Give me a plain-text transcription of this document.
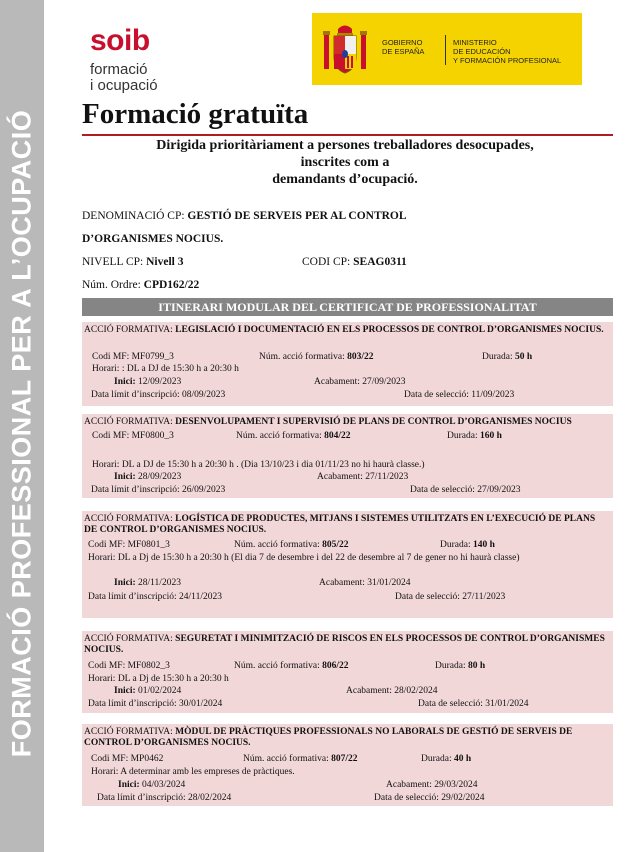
FORMACIÓ PROFESSIONAL PER A L’OCUPACIÓ
soib
formació
i ocupació
GOBIERNO
DE ESPAÑA
MINISTERIO
DE EDUCACIÓN
Y FORMACIÓN PROFESIONAL
Formació gratuïta
Dirigida prioritàriament a persones treballadores desocupades,
inscrites com a
demandants d’ocupació.
DENOMINACIÓ CP: GESTIÓ DE SERVEIS PER AL CONTROL
D’ORGANISMES NOCIUS.
NIVELL CP: Nivell 3	CODI CP: SEAG0311
Núm. Ordre: CPD162/22
ITINERARI MODULAR DEL CERTIFICAT DE PROFESSIONALITAT
ACCIÓ FORMATIVA: LEGISLACIÓ I DOCUMENTACIÓ EN ELS PROCESSOS DE CONTROL D’ORGANISMES NOCIUS.
Codi MF: MF0799_3	Núm. acció formativa: 803/22	Durada: 50 h
Horari: : DL a DJ de 15:30 h a 20:30 h
Inici: 12/09/2023	Acabament: 27/09/2023
Data límit d’inscripció: 08/09/2023	Data de selecció: 11/09/2023
ACCIÓ FORMATIVA: DESENVOLUPAMENT I SUPERVISIÓ DE PLANS DE CONTROL D’ORGANISMES NOCIUS
Codi MF: MF0800_3	Núm. acció formativa: 804/22	Durada: 160 h
Horari: DL a DJ de 15:30 h a 20:30 h . (Dia 13/10/23 i dia 01/11/23 no hi haurà classe.)
Inici: 28/09/2023	Acabament: 27/11/2023
Data límit d’inscripció: 26/09/2023	Data de selecció: 27/09/2023
ACCIÓ FORMATIVA: LOGÍSTICA DE PRODUCTES, MITJANS I SISTEMES UTILITZATS EN L’EXECUCIÓ DE PLANS DE CONTROL D’ORGANISMES NOCIUS.
Codi MF: MF0801_3	Núm. acció formativa: 805/22	Durada: 140 h
Horari: DL a Dj de 15:30 h a 20:30 h (El dia 7 de desembre i del 22 de desembre al 7 de gener no hi haurà classe)
Inici: 28/11/2023	Acabament: 31/01/2024
Data límit d’inscripció: 24/11/2023	Data de selecció: 27/11/2023
ACCIÓ FORMATIVA: SEGURETAT I MINIMITZACIÓ DE RISCOS EN ELS PROCESSOS DE CONTROL D’ORGANISMES NOCIUS.
Codi MF: MF0802_3	Núm. acció formativa: 806/22	Durada: 80 h
Horari: DL a Dj de 15:30 h a 20:30 h
Inici: 01/02/2024	Acabament: 28/02/2024
Data límit d’inscripció: 30/01/2024	Data de selecció: 31/01/2024
ACCIÓ FORMATIVA: MÒDUL DE PRÀCTIQUES PROFESSIONALS NO LABORALS DE GESTIÓ DE SERVEIS DE CONTROL D’ORGANISMES NOCIUS.
Codi MF: MP0462	Núm. acció formativa: 807/22	Durada: 40 h
Horari: A determinar amb les empreses de pràctiques.
Inici: 04/03/2024	Acabament: 29/03/2024
Data límit d’inscripció: 28/02/2024	Data de selecció: 29/02/2024
